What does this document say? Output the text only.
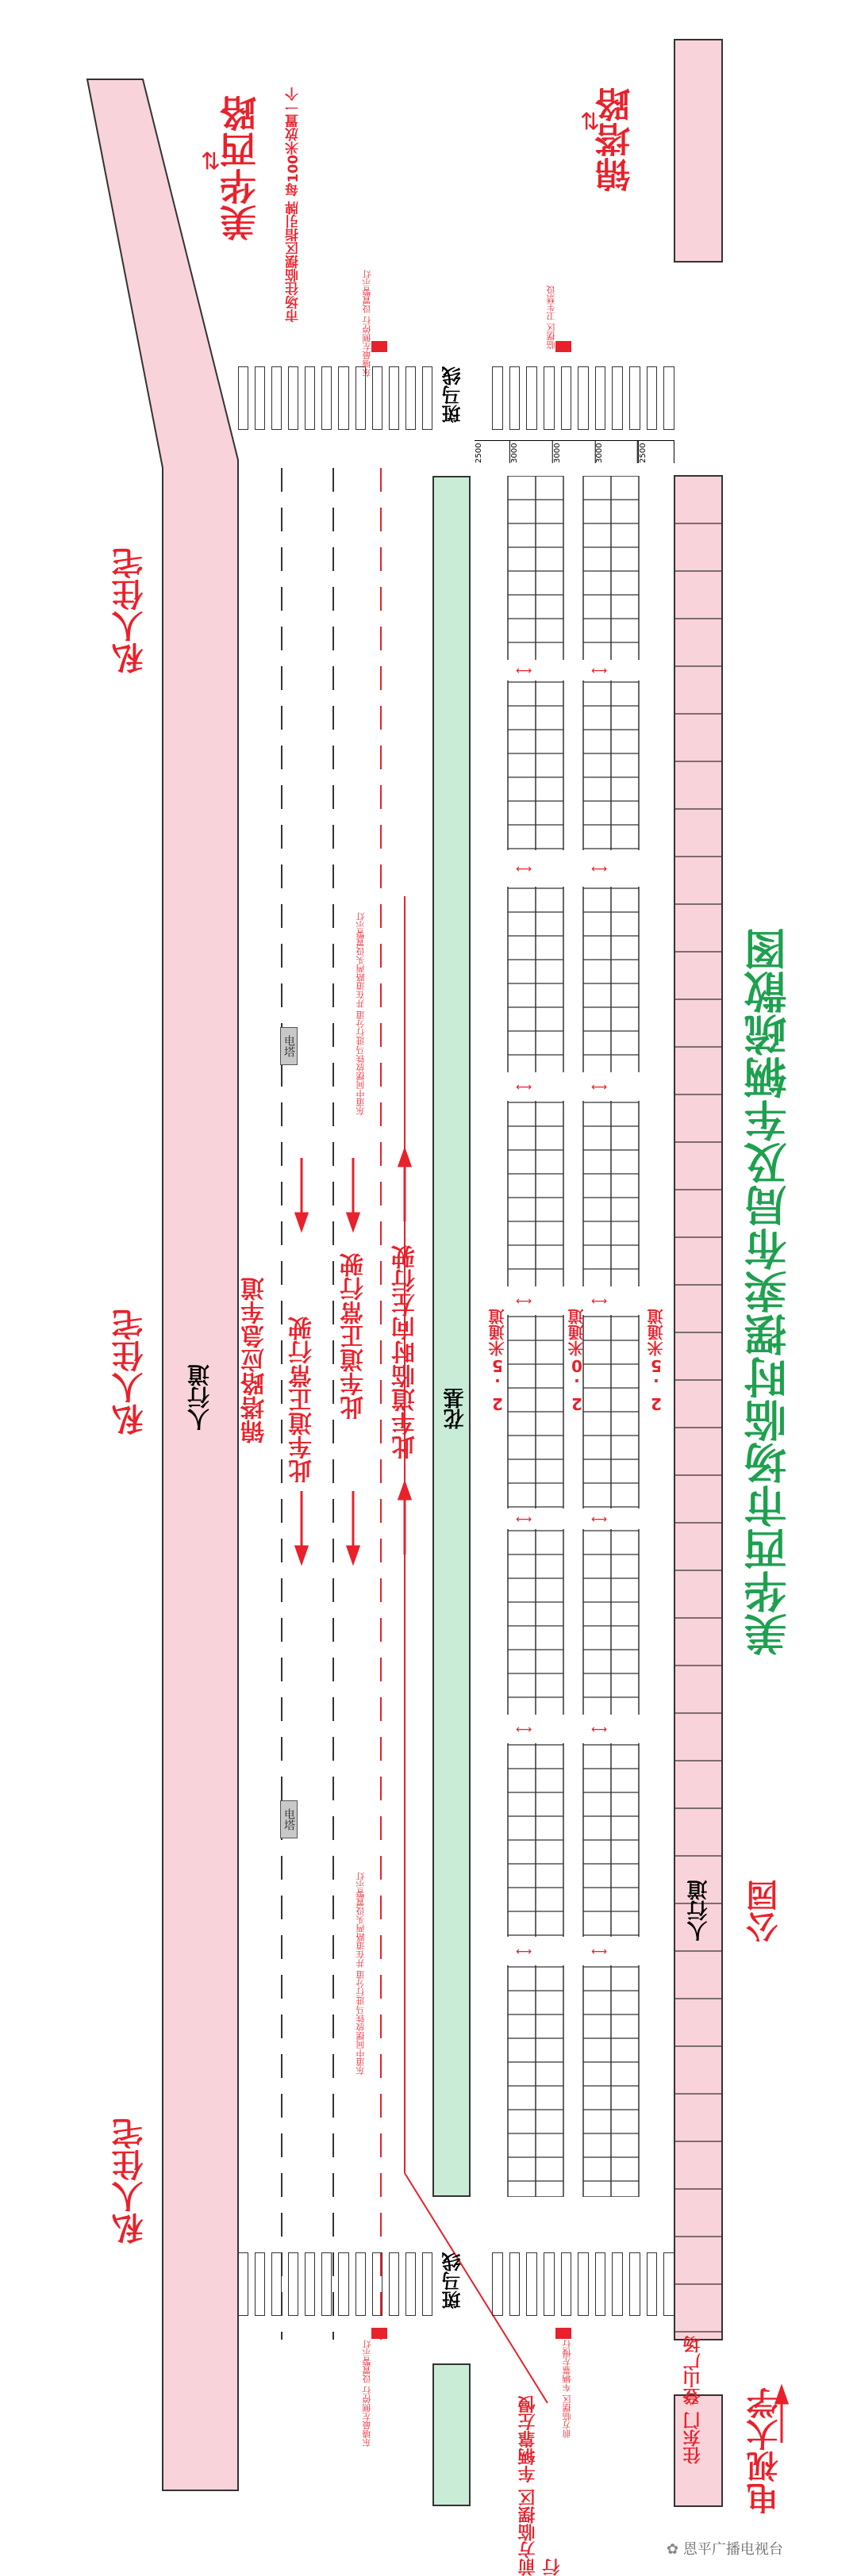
锦塔路
⇄
美华西路	市场往临摆区指引牌 每100米放置一个
⇄
东墙最左侧停行 设置警示灯	临摆区 卫生禁设
斑马线
斑马线
2500	3000	3000	3000	2500
花基
⟷	⟷
⟷	⟷
⟷	⟷
⟷	⟷
⟷	⟷
⟷	⟷
⟷	⟷
2.5米通道	2.0米通道	2.5米通道
此车道临时向左行驶
此车道正常行驶
此车道正常行驶
锦塔路应急车道
电塔
电塔
东道中间摆放铁马进行分道 并在道路两头设置警示灯
东道中间摆放铁马进行分道 并在道路两头设置警示灯
私人住宅
私人住宅
私人住宅
人行道
人行道
美华西市场临时摆卖布局及车辆疏散图
公园
电视大学
往东门 登山广场
东墙最左侧停行 设置警示灯	前方临摆区 车辆靠左慢行
前方临摆区 车辆靠左慢行
✿ 恩平广播电视台
